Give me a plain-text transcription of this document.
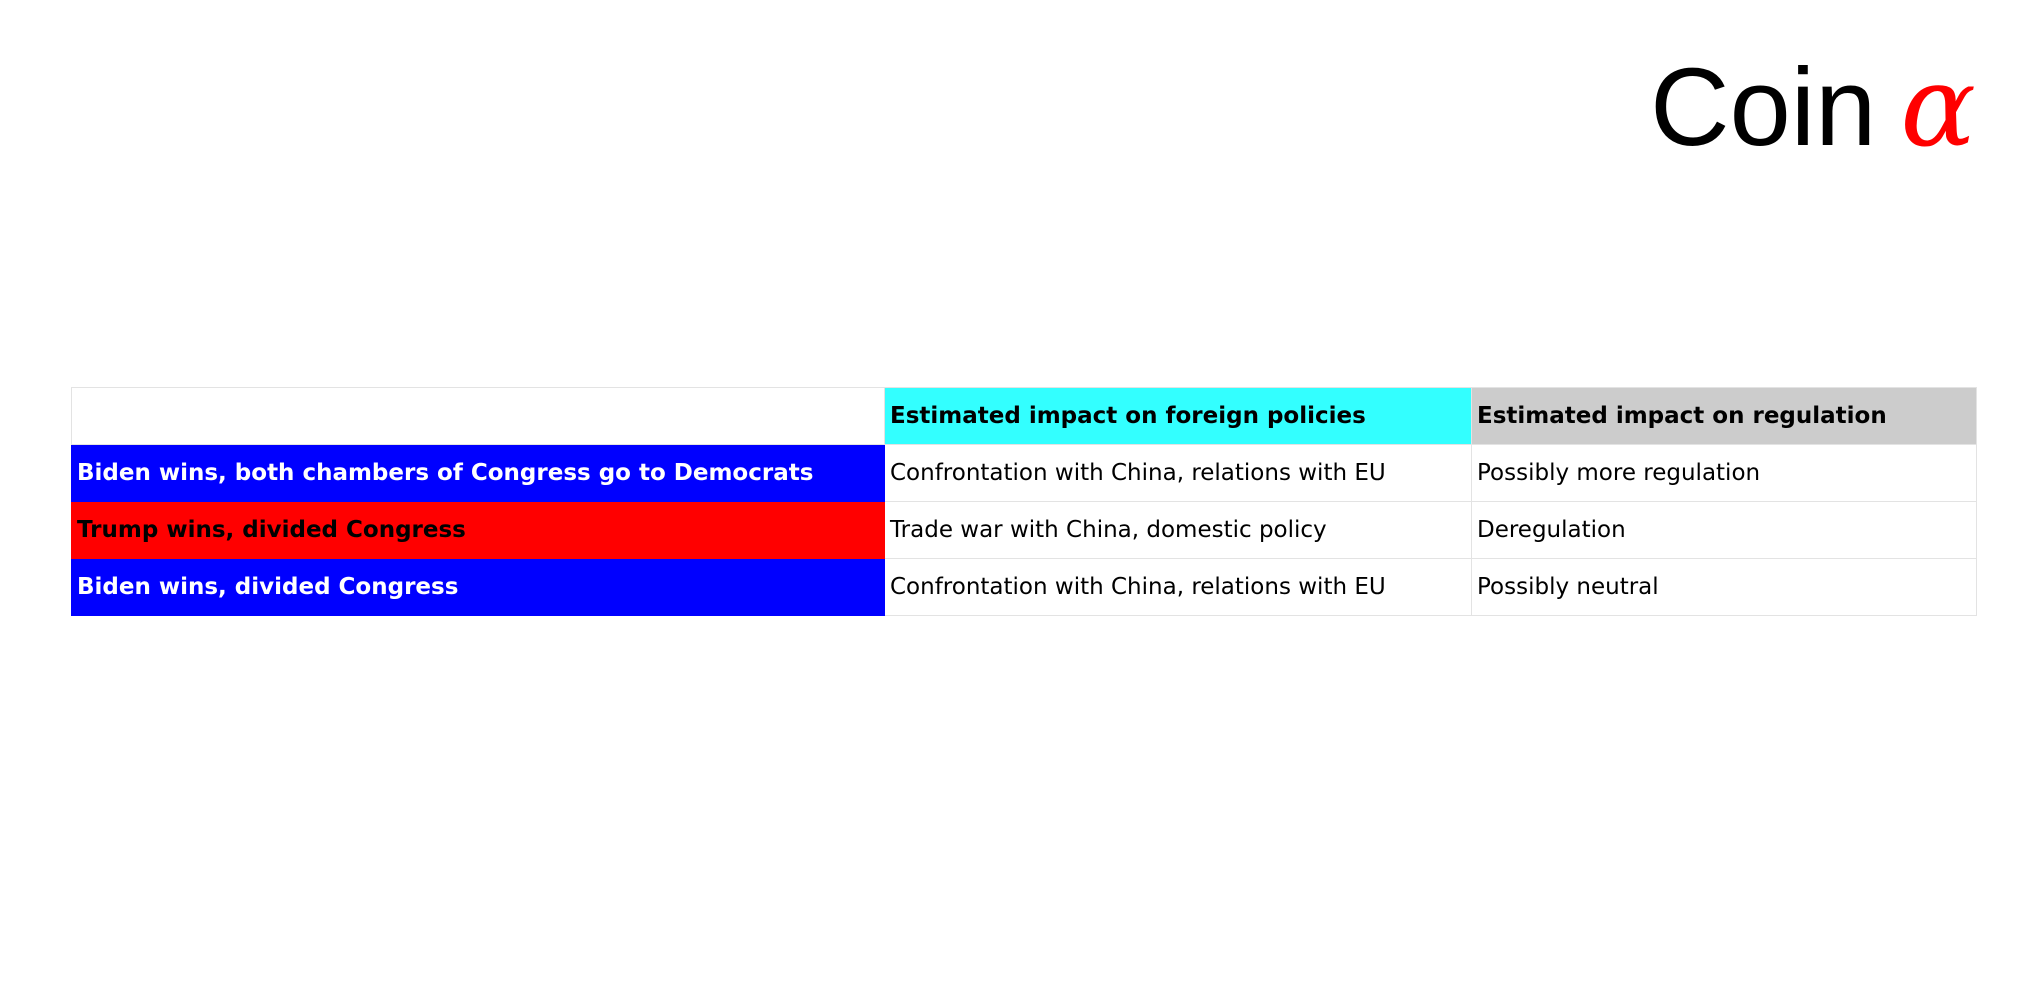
Coin α
	Estimated impact on foreign policies	Estimated impact on regulation
Biden wins, both chambers of Congress go to Democrats	Confrontation with China, relations with EU	Possibly more regulation
Trump wins, divided Congress	Trade war with China, domestic policy	Deregulation
Biden wins, divided Congress	Confrontation with China, relations with EU	Possibly neutral
